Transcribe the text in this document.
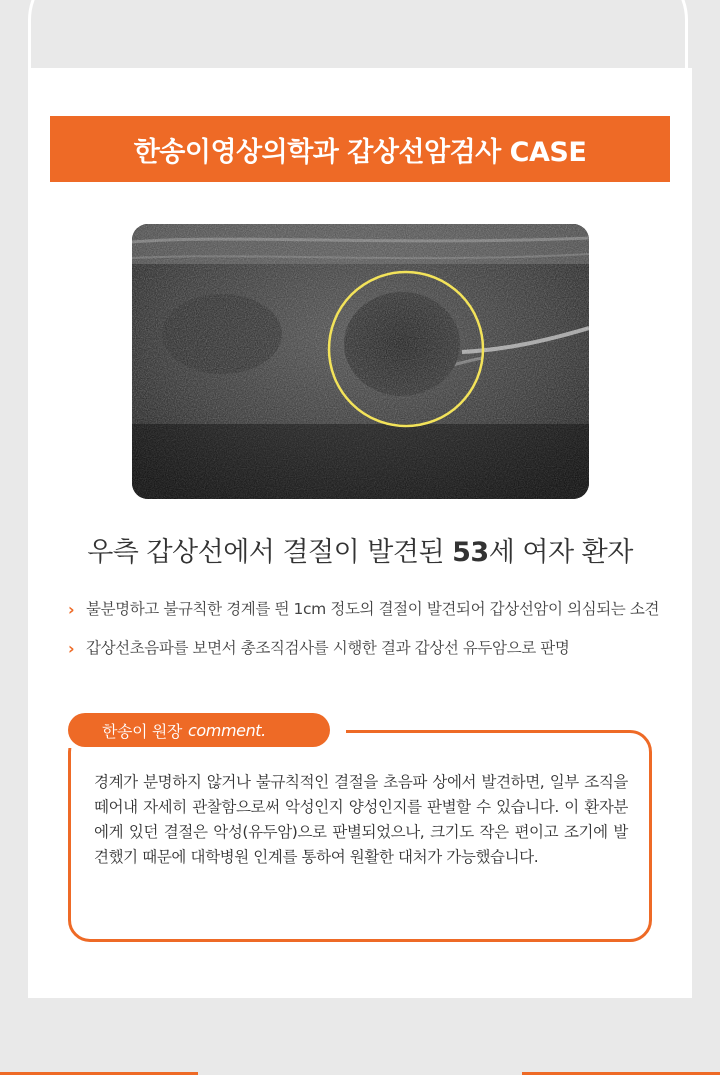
한송이영상의학과 갑상선암검사 CASE
우측 갑상선에서 결절이 발견된 53세 여자 환자
› 불분명하고 불규칙한 경계를 띈 1cm 정도의 결절이 발견되어 갑상선암이 의심되는 소견
› 갑상선초음파를 보면서 총조직검사를 시행한 결과 갑상선 유두암으로 판명
한송이 원장 comment.
경계가 분명하지 않거나 불규칙적인 결절을 초음파 상에서 발견하면, 일부 조직을 떼어내 자세히 관찰함으로써 악성인지 양성인지를 판별할 수 있습니다. 이 환자분에게 있던 결절은 악성(유두암)으로 판별되었으나, 크기도 작은 편이고 조기에 발견했기 때문에 대학병원 인계를 통하여 원활한 대처가 가능했습니다.
